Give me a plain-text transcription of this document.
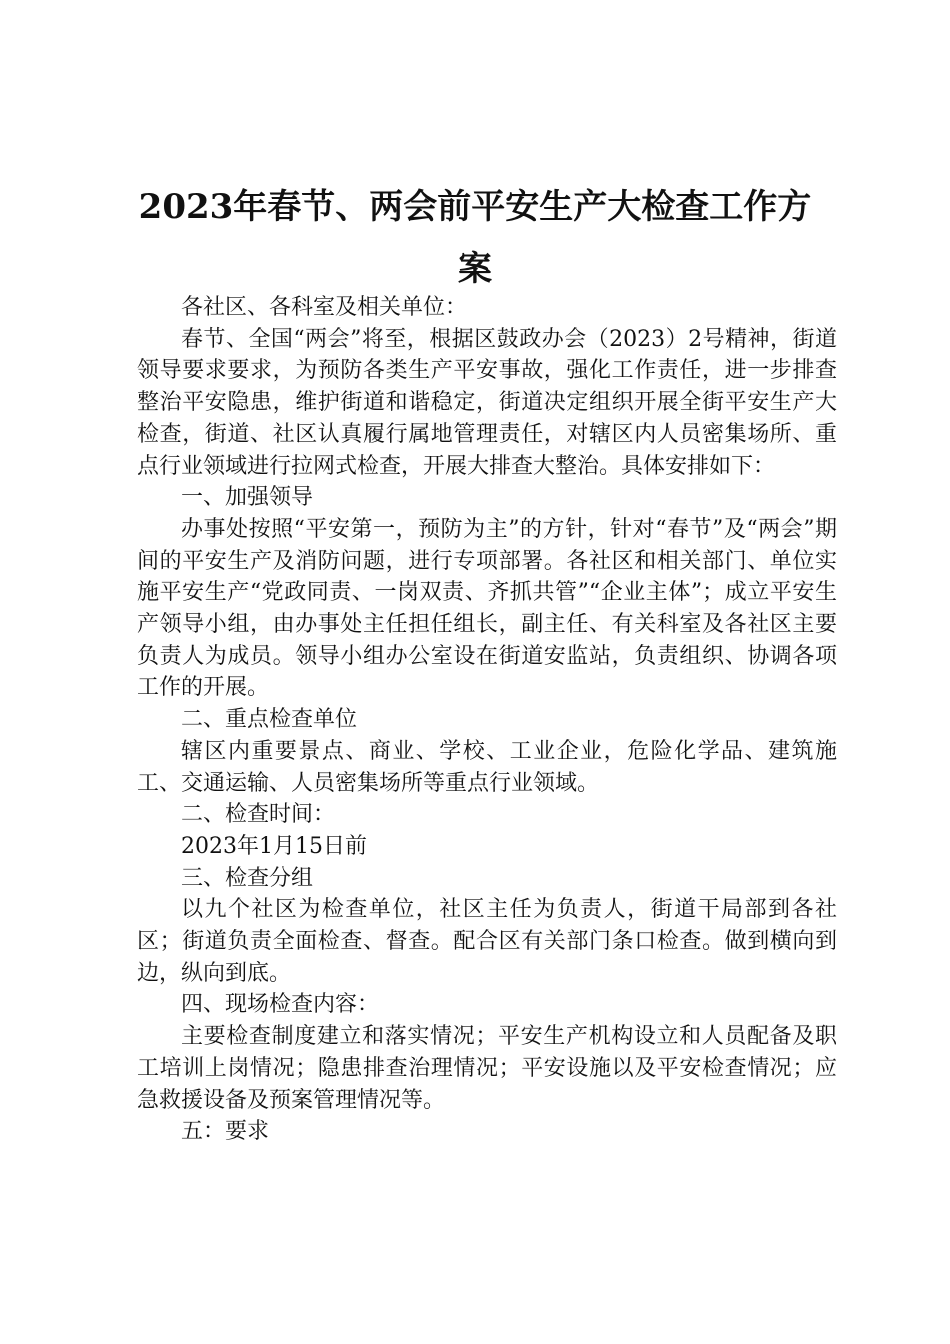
2023年春节、两会前平安生产大检查工作方案

各社区、各科室及相关单位：

春节、全国“两会”将至，根据区鼓政办会（2023）2号精神，街道领导要求要求，为预防各类生产平安事故，强化工作责任，进一步排查整治平安隐患，维护街道和谐稳定，街道决定组织开展全街平安生产大检查，街道、社区认真履行属地管理责任，对辖区内人员密集场所、重点行业领域进行拉网式检查，开展大排查大整治。具体安排如下：

一、加强领导

办事处按照“平安第一，预防为主”的方针，针对“春节”及“两会”期间的平安生产及消防问题，进行专项部署。各社区和相关部门、单位实施平安生产“党政同责、一岗双责、齐抓共管”“企业主体”；成立平安生产领导小组，由办事处主任担任组长，副主任、有关科室及各社区主要负责人为成员。领导小组办公室设在街道安监站，负责组织、协调各项工作的开展。

二、重点检查单位

辖区内重要景点、商业、学校、工业企业，危险化学品、建筑施工、交通运输、人员密集场所等重点行业领域。

二、检查时间：

2023年1月15日前

三、检查分组

以九个社区为检查单位，社区主任为负责人，街道干局部到各社区；街道负责全面检查、督查。配合区有关部门条口检查。做到横向到边，纵向到底。

四、现场检查内容：

主要检查制度建立和落实情况；平安生产机构设立和人员配备及职工培训上岗情况；隐患排查治理情况；平安设施以及平安检查情况；应急救援设备及预案管理情况等。

五：要求
